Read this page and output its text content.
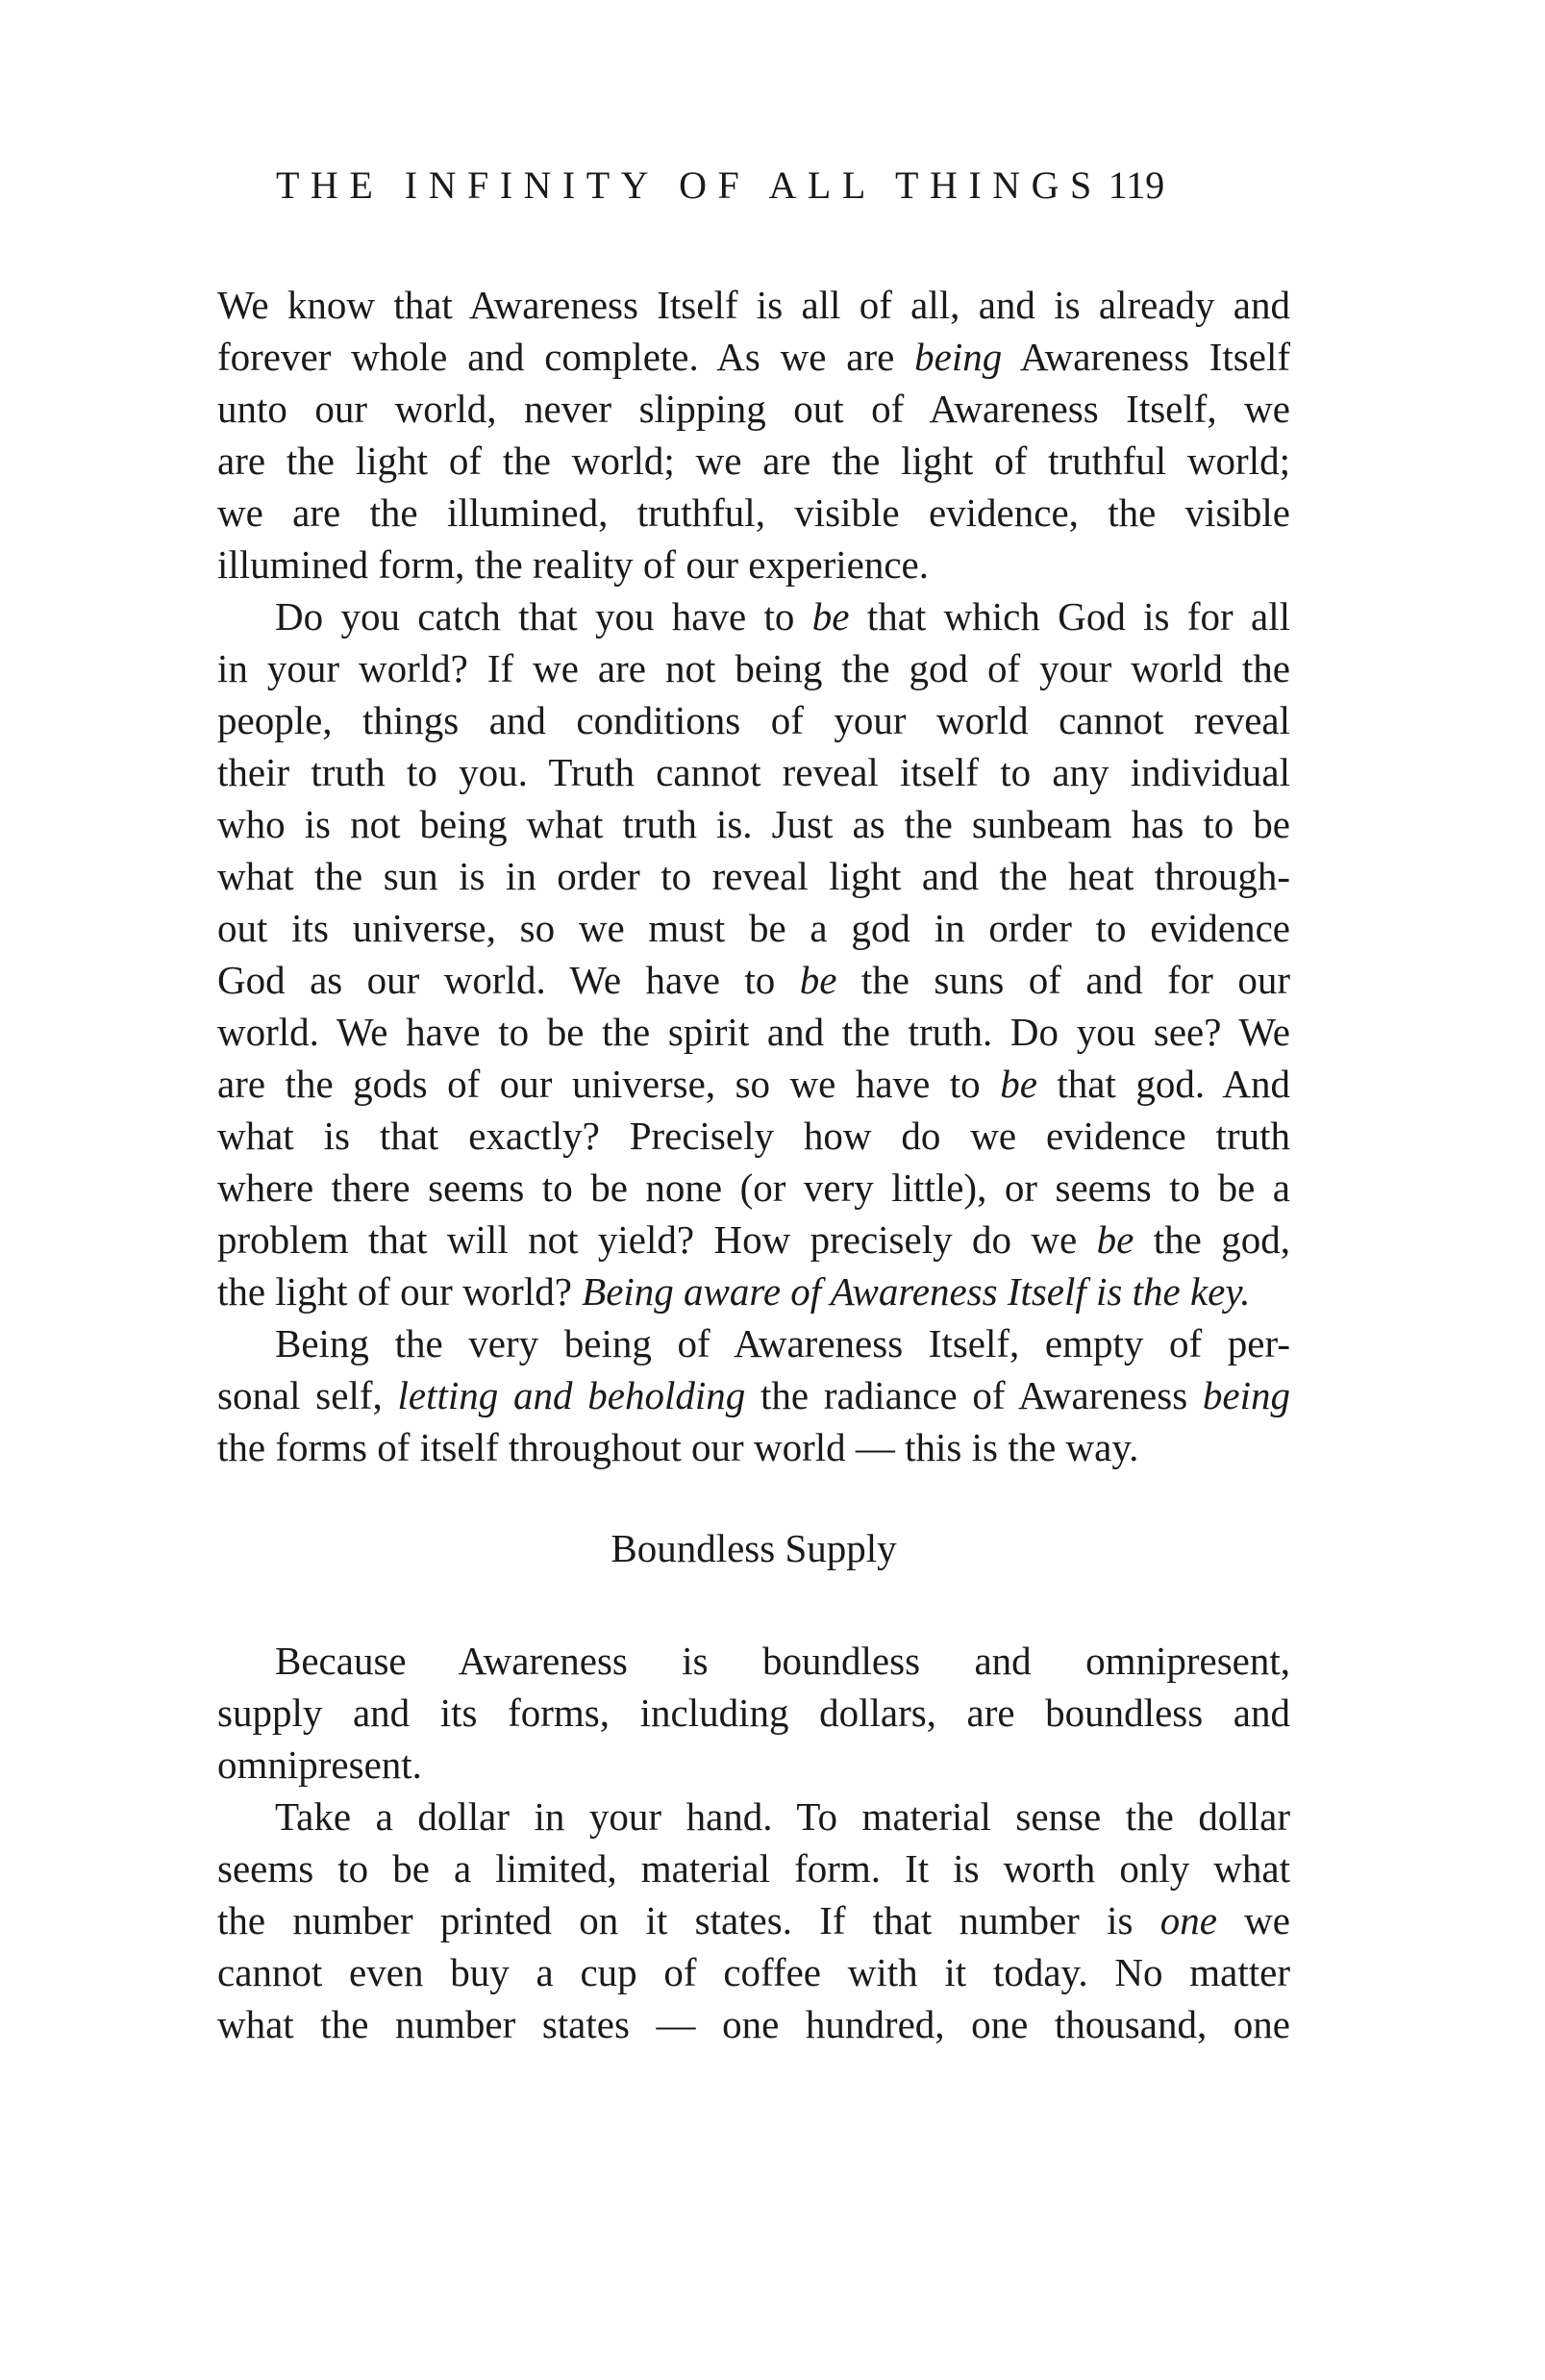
THE INFINITY OF ALL THINGS 119
We know that Awareness Itself is all of all, and is already and
forever whole and complete. As we are being Awareness Itself
unto our world, never slipping out of Awareness Itself, we
are the light of the world; we are the light of truthful world;
we are the illumined, truthful, visible evidence, the visible
illumined form, the reality of our experience.
Do you catch that you have to be that which God is for all
in your world? If we are not being the god of your world the
people, things and conditions of your world cannot reveal
their truth to you. Truth cannot reveal itself to any individual
who is not being what truth is. Just as the sunbeam has to be
what the sun is in order to reveal light and the heat through-
out its universe, so we must be a god in order to evidence
God as our world. We have to be the suns of and for our
world. We have to be the spirit and the truth. Do you see? We
are the gods of our universe, so we have to be that god. And
what is that exactly? Precisely how do we evidence truth
where there seems to be none (or very little), or seems to be a
problem that will not yield? How precisely do we be the god,
the light of our world? Being aware of Awareness Itself is the key.
Being the very being of Awareness Itself, empty of per-
sonal self, letting and beholding the radiance of Awareness being
the forms of itself throughout our world — this is the way.
Boundless Supply
Because Awareness is boundless and omnipresent,
supply and its forms, including dollars, are boundless and
omnipresent.
Take a dollar in your hand. To material sense the dollar
seems to be a limited, material form. It is worth only what
the number printed on it states. If that number is one we
cannot even buy a cup of coffee with it today. No matter
what the number states — one hundred, one thousand, one
